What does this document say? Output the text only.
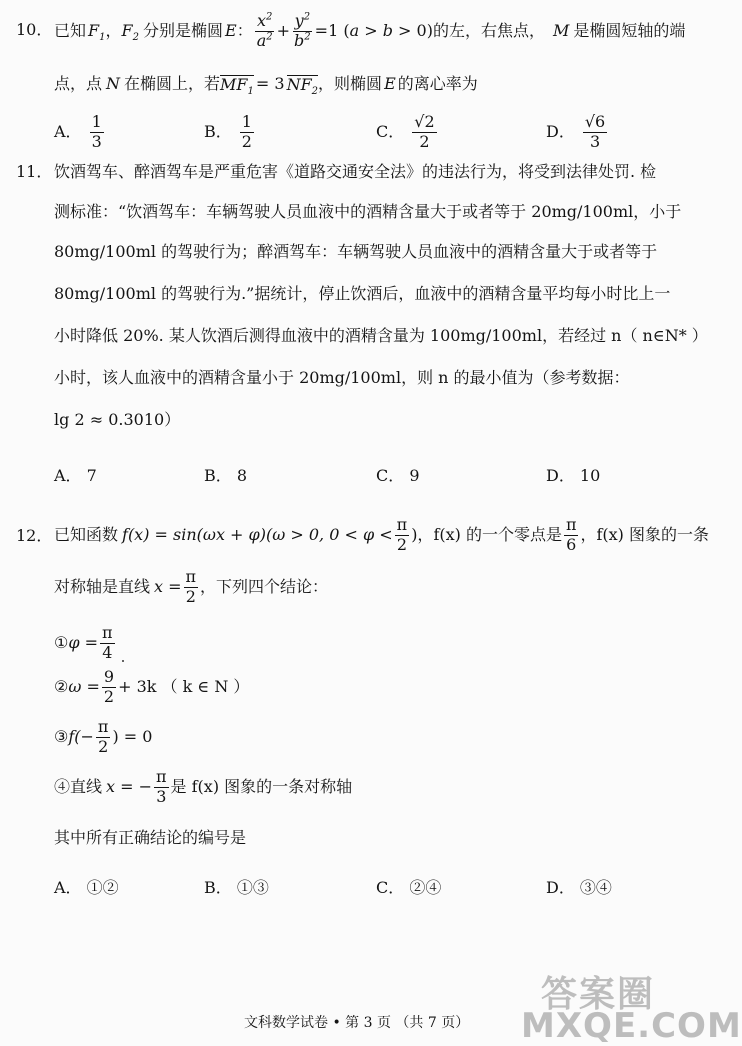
10． 已知 $F_1$ ， $F_2$ 分别是椭圆 E ： $\frac{x^2}{a^2} + \frac{y^2}{b^2} =1$ (a > b > 0) 的左，右焦点， M 是椭圆短轴的端
点，点 N 在椭圆上，若 $MF_1 = 3$ $NF_2$ ，则椭圆 E 的离心率为
A． $\frac{1}{3}$	B． $\frac{1}{2}$	C． $\frac{√2}{2}$	D． $\frac{√6}{3}$
11． 饮酒驾车、醉酒驾车是严重危害《道路交通安全法》的违法行为，将受到法律处罚. 检
测标准：“饮酒驾车：车辆驾驶人员血液中的酒精含量大于或者等于 20mg/100ml，小于
80mg/100ml 的驾驶行为；醉酒驾车：车辆驾驶人员血液中的酒精含量大于或者等于
80mg/100ml 的驾驶行为.”据统计，停止饮酒后，血液中的酒精含量平均每小时比上一
小时降低 20%. 某人饮酒后测得血液中的酒精含量为 100mg/100ml，若经过 n（ n∈N* ）
小时，该人血液中的酒精含量小于 20mg/100ml，则 n 的最小值为（参考数据：
lg 2 ≈ 0.3010）
A． 7	B． 8	C． 9	D． 10
12． 已知函数 f(x) = sin(ωx + φ)(ω > 0, $0 < \varphi < \frac{\pi}{2}$ )， f(x) 的一个零点是 $\frac{\pi}{6}$ ，f(x) 图象的一条
对称轴是直线 $x = \frac{\pi}{2}$ ，下列四个结论：
① $\varphi = \frac{\pi}{4}$
② $\omega = \frac{9}{2} + 3k$ （ k ∈ N ）
③ $f(- \frac{\pi}{2}$ ) = 0
④直线 x = − $\frac{\pi}{3}$ 是 f(x) 图象的一条对称轴
其中所有正确结论的编号是
A． ①②	B． ①③	C． ②④	D． ③④
文科数学试卷 • 第 3 页 （共 7 页）
答案圈
MXQE.COM
